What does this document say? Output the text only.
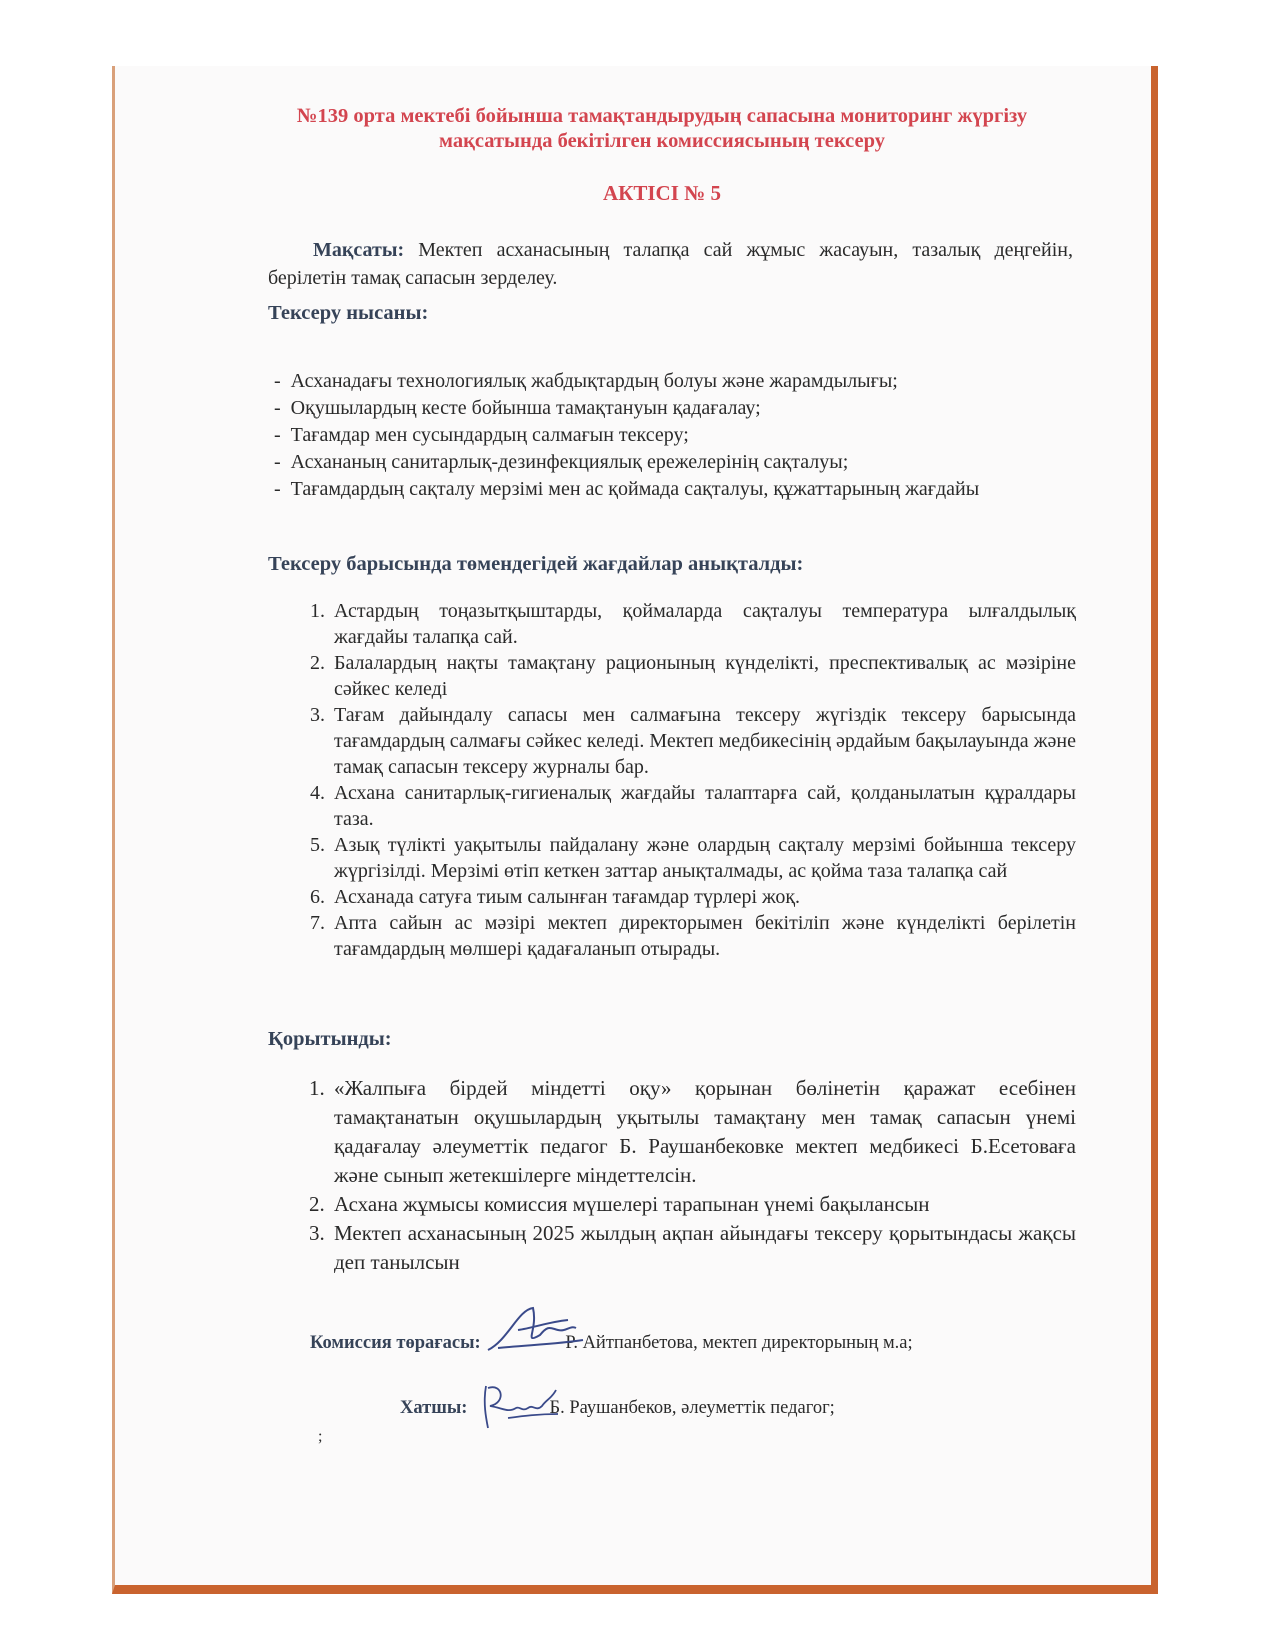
№139 орта мектебі бойынша тамақтандырудың сапасына мониторинг жүргізу мақсатында бекітілген комиссиясының тексеру
АКТІСІ № 5
Мақсаты: Мектеп асханасының талапқа сай жұмыс жасауын, тазалық деңгейін, берілетін тамақ сапасын зерделеу.
Тексеру нысаны:
- Асханадағы технологиялық жабдықтардың болуы және жарамдылығы;
- Оқушылардың кесте бойынша тамақтануын қадағалау;
- Тағамдар мен сусындардың салмағын тексеру;
- Асхананың санитарлық-дезинфекциялық ережелерінің сақталуы;
- Тағамдардың сақталу мерзімі мен ас қоймада сақталуы, құжаттарының жағдайы
Тексеру барысында төмендегідей жағдайлар анықталды:
1. Астардың тоңазытқыштарды, қоймаларда сақталуы температура ылғалдылық жағдайы талапқа сай.
2. Балалардың нақты тамақтану рационының күнделікті, преспективалық ас мәзіріне сәйкес келеді
3. Тағам дайындалу сапасы мен салмағына тексеру жүгіздік тексеру барысында тағамдардың салмағы сәйкес келеді. Мектеп медбикесінің әрдайым бақылауында және тамақ сапасын тексеру журналы бар.
4. Асхана санитарлық-гигиеналық жағдайы талаптарға сай, қолданылатын құралдары таза.
5. Азық түлікті уақытылы пайдалану және олардың сақталу мерзімі бойынша тексеру жүргізілді. Мерзімі өтіп кеткен заттар анықталмады, ас қойма таза талапқа сай
6. Асханада сатуға тиым салынған тағамдар түрлері жоқ.
7. Апта сайын ас мәзірі мектеп директорымен бекітіліп және күнделікті берілетін тағамдардың мөлшері қадағаланып отырады.
Қорытынды:
1. «Жалпыға бірдей міндетті оқу» қорынан бөлінетін қаражат есебінен тамақтанатын оқушылардың уқытылы тамақтану мен тамақ сапасын үнемі қадағалау әлеуметтік педагог Б. Раушанбековке мектеп медбикесі Б.Есетоваға және сынып жетекшілерге міндеттелсін.
2. Асхана жұмысы комиссия мүшелері тарапынан үнемі бақылансын
3. Мектеп асханасының 2025 жылдың ақпан айындағы тексеру қорытындасы жақсы деп танылсын
Комиссия төрағасы:	Р. Айтпанбетова, мектеп директорының м.а;
Хатшы:	Б. Раушанбеков, әлеуметтік педагог;
;
